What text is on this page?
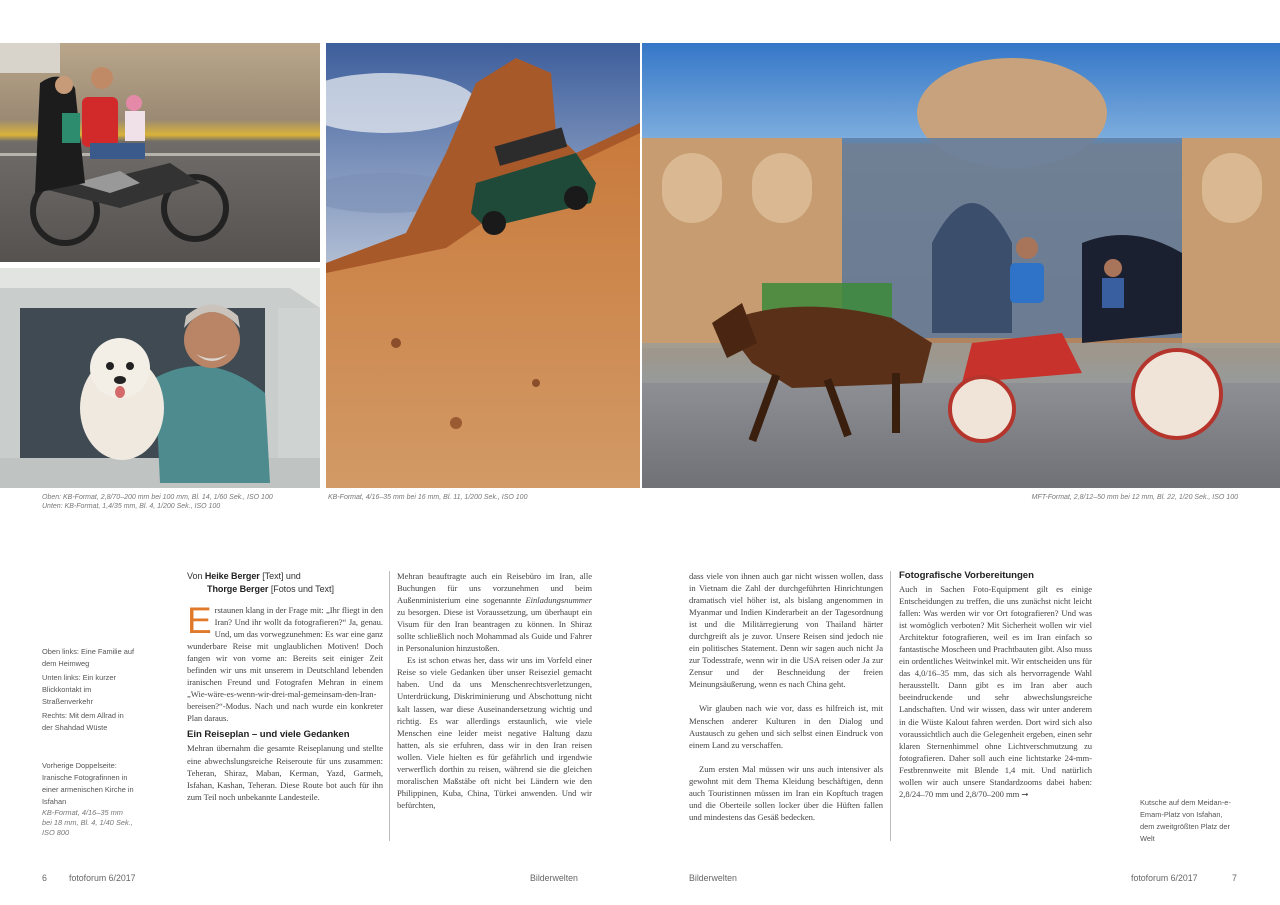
Oben: KB-Format, 2,8/70–200 mm bei 100 mm, Bl. 14, 1/60 Sek., ISO 100
Unten: KB-Format, 1,4/35 mm, Bl. 4, 1/200 Sek., ISO 100
KB-Format, 4/16–35 mm bei 16 mm, Bl. 11, 1/200 Sek., ISO 100	MFT-Format, 2,8/12–50 mm bei 12 mm, Bl. 22, 1/20 Sek., ISO 100
Oben links: Eine Familie auf dem Heimweg
Unten links: Ein kurzer Blickkontakt im Straßenverkehr
Rechts: Mit dem Allrad in der Shahdad Wüste
Vorherige Doppelseite: Iranische Fotografinnen in einer armenischen Kirche in Isfahan
KB-Format, 4/16–35 mm bei 18 mm, Bl. 4, 1/40 Sek., ISO 800
Kutsche auf dem Meidan-e-Emam-Platz von Isfahan, dem zweitgrößten Platz der Welt
Von Heike Berger [Text] und
Thorge Berger [Fotos und Text]

Erstaunen klang in der Frage mit: „Ihr fliegt in den Iran? Und ihr wollt da fotografieren?“ Ja, genau. Und, um das vorwegzunehmen: Es war eine ganz wunderbare Reise mit unglaublichen Motiven! Doch fangen wir von vorne an: Bereits seit einiger Zeit befinden wir uns mit unserem in Deutschland lebenden iranischen Freund und Fotografen Mehran in einem „Wie-wäre-es-wenn-wir-drei-mal-gemeinsam-den-Iran-bereisen?“-Modus. Nach und nach wurde ein konkreter Plan daraus.

Ein Reiseplan – und viele Gedanken

Mehran übernahm die gesamte Reiseplanung und stellte eine abwechslungsreiche Reiseroute für uns zusammen: Teheran, Shiraz, Maban, Kerman, Yazd, Garmeh, Isfahan, Kashan, Teheran. Diese Route bot auch für ihn zum Teil noch unbekannte Landesteile.

Mehran beauftragte auch ein Reisebüro im Iran, alle Buchungen für uns vorzunehmen und beim Außenministerium eine sogenannte Einladungsnummer zu besorgen. Diese ist Voraussetzung, um überhaupt ein Visum für den Iran beantragen zu können. In Shiraz sollte schließlich noch Mohammad als Guide und Fahrer in Personalunion hinzustoßen.

Es ist schon etwas her, dass wir uns im Vorfeld einer Reise so viele Gedanken über unser Reiseziel gemacht haben. Und da uns Menschenrechtsverletzungen, Unterdrückung, Diskriminierung und Abschottung nicht kalt lassen, war diese Auseinandersetzung wichtig und richtig. Es war allerdings erstaunlich, wie viele Menschen eine leider meist negative Haltung dazu hatten, als sie erfuhren, dass wir in den Iran reisen wollen. Viele hielten es für gefährlich und irgendwie verwerflich dorthin zu reisen, während sie die gleichen moralischen Maßstäbe oft nicht bei Ländern wie den Philippinen, Kuba, China, Türkei anwenden. Und wir befürchten,

dass viele von ihnen auch gar nicht wissen wollen, dass in Vietnam die Zahl der durchgeführten Hinrichtungen dramatisch viel höher ist, als bislang angenommen in Myanmar und Indien Kinderarbeit an der Tagesordnung ist und die Militärregierung von Thailand härter durchgreift als je zuvor. Unsere Reisen sind jedoch nie ein politisches Statement. Denn wir sagen auch nicht Ja zur Todesstrafe, wenn wir in die USA reisen oder Ja zur Zensur und der Beschneidung der freien Meinungsäußerung, wenn es nach China geht.

Wir glauben nach wie vor, dass es hilfreich ist, mit Menschen anderer Kulturen in den Dialog und Austausch zu gehen und sich selbst einen Eindruck von einem Land zu verschaffen.

Zum ersten Mal müssen wir uns auch intensiver als gewohnt mit dem Thema Kleidung beschäftigen, denn auch Touristinnen müssen im Iran ein Kopftuch tragen und die Oberteile sollen locker über die Hüften fallen und mindestens das Gesäß bedecken.

Fotografische Vorbereitungen

Auch in Sachen Foto-Equipment gilt es einige Entscheidungen zu treffen, die uns zunächst nicht leicht fallen: Was werden wir vor Ort fotografieren? Und was ist womöglich verboten? Mit Sicherheit wollen wir viel Architektur fotografieren, weil es im Iran einfach so fantastische Moscheen und Prachtbauten gibt. Also muss ein ordentliches Weitwinkel mit. Wir entscheiden uns für das 4,0/16–35 mm, das sich als hervorragende Wahl herausstellt. Dann gibt es im Iran aber auch beeindruckende und sehr abwechslungsreiche Landschaften. Und wir wissen, dass wir unter anderem in die Wüste Kalout fahren werden. Dort wird sich also voraussichtlich auch die Gelegenheit ergeben, einen sehr klaren Sternenhimmel ohne Lichtverschmutzung zu fotografieren. Daher soll auch eine lichtstarke 24-mm-Festbrennweite mit Blende 1,4 mit. Und natürlich wollen wir auch unsere Standardzooms dabei haben: 2,8/24–70 mm und 2,8/70–200 mm ➞

6	fotoforum 6/2017	Bilderwelten	Bilderwelten	fotoforum 6/2017	7
